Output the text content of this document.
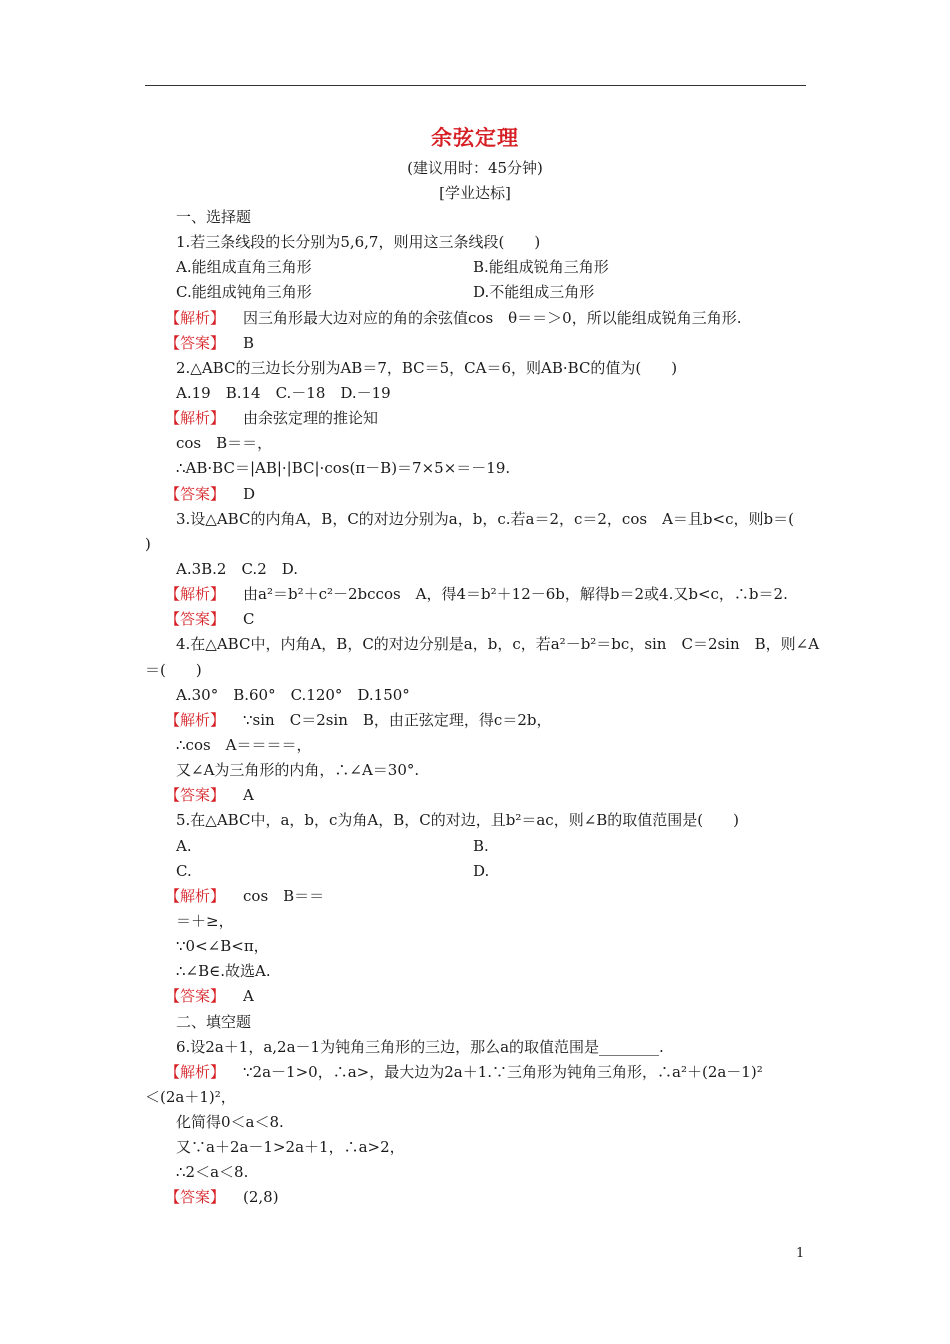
余弦定理
(建议用时：45分钟)
[学业达标]
一、选择题
1.若三条线段的长分别为5,6,7，则用这三条线段(　　)
A.能组成直角三角形	B.能组成锐角三角形
C.能组成钝角三角形	D.不能组成三角形
【解析】 因三角形最大边对应的角的余弦值cos　θ＝＝＞0，所以能组成锐角三角形.
【答案】 B
2.△ABC的三边长分别为AB＝7，BC＝5，CA＝6，则AB·BC的值为(　　)
A.19　B.14　C.－18　D.－19
【解析】 由余弦定理的推论知
cos　B＝＝，
∴AB·BC＝|AB|·|BC|·cos(π－B)＝7×5×＝－19.
【答案】 D
3.设△ABC的内角A，B，C的对边分别为a，b，c.若a＝2，c＝2，cos　A＝且b<c，则b＝(
)
A.3B.2　C.2　D.
【解析】 由a²＝b²＋c²－2bccos　A，得4＝b²＋12－6b，解得b＝2或4.又b<c，∴b＝2.
【答案】 C
4.在△ABC中，内角A，B，C的对边分别是a，b，c，若a²－b²＝bc，sin　C＝2sin　B，则∠A
＝(　　)
A.30°　B.60°　C.120°　D.150°
【解析】 ∵sin　C＝2sin　B，由正弦定理，得c＝2b，
∴cos　A＝＝＝＝，
又∠A为三角形的内角，∴∠A＝30°.
【答案】 A
5.在△ABC中，a，b，c为角A，B，C的对边，且b²＝ac，则∠B的取值范围是(　　)
A.	B.
C.	D.
【解析】 cos　B＝＝
＝＋≥，
∵0<∠B<π，
∴∠B∈.故选A.
【答案】 A
二、填空题
6.设2a＋1，a,2a－1为钝角三角形的三边，那么a的取值范围是________.
【解析】 ∵2a－1>0，∴a>，最大边为2a＋1.∵三角形为钝角三角形，∴a²＋(2a－1)²
＜(2a＋1)²，
化简得0＜a＜8.
又∵a＋2a－1>2a＋1，∴a>2，
∴2＜a＜8.
【答案】 (2,8)
1
